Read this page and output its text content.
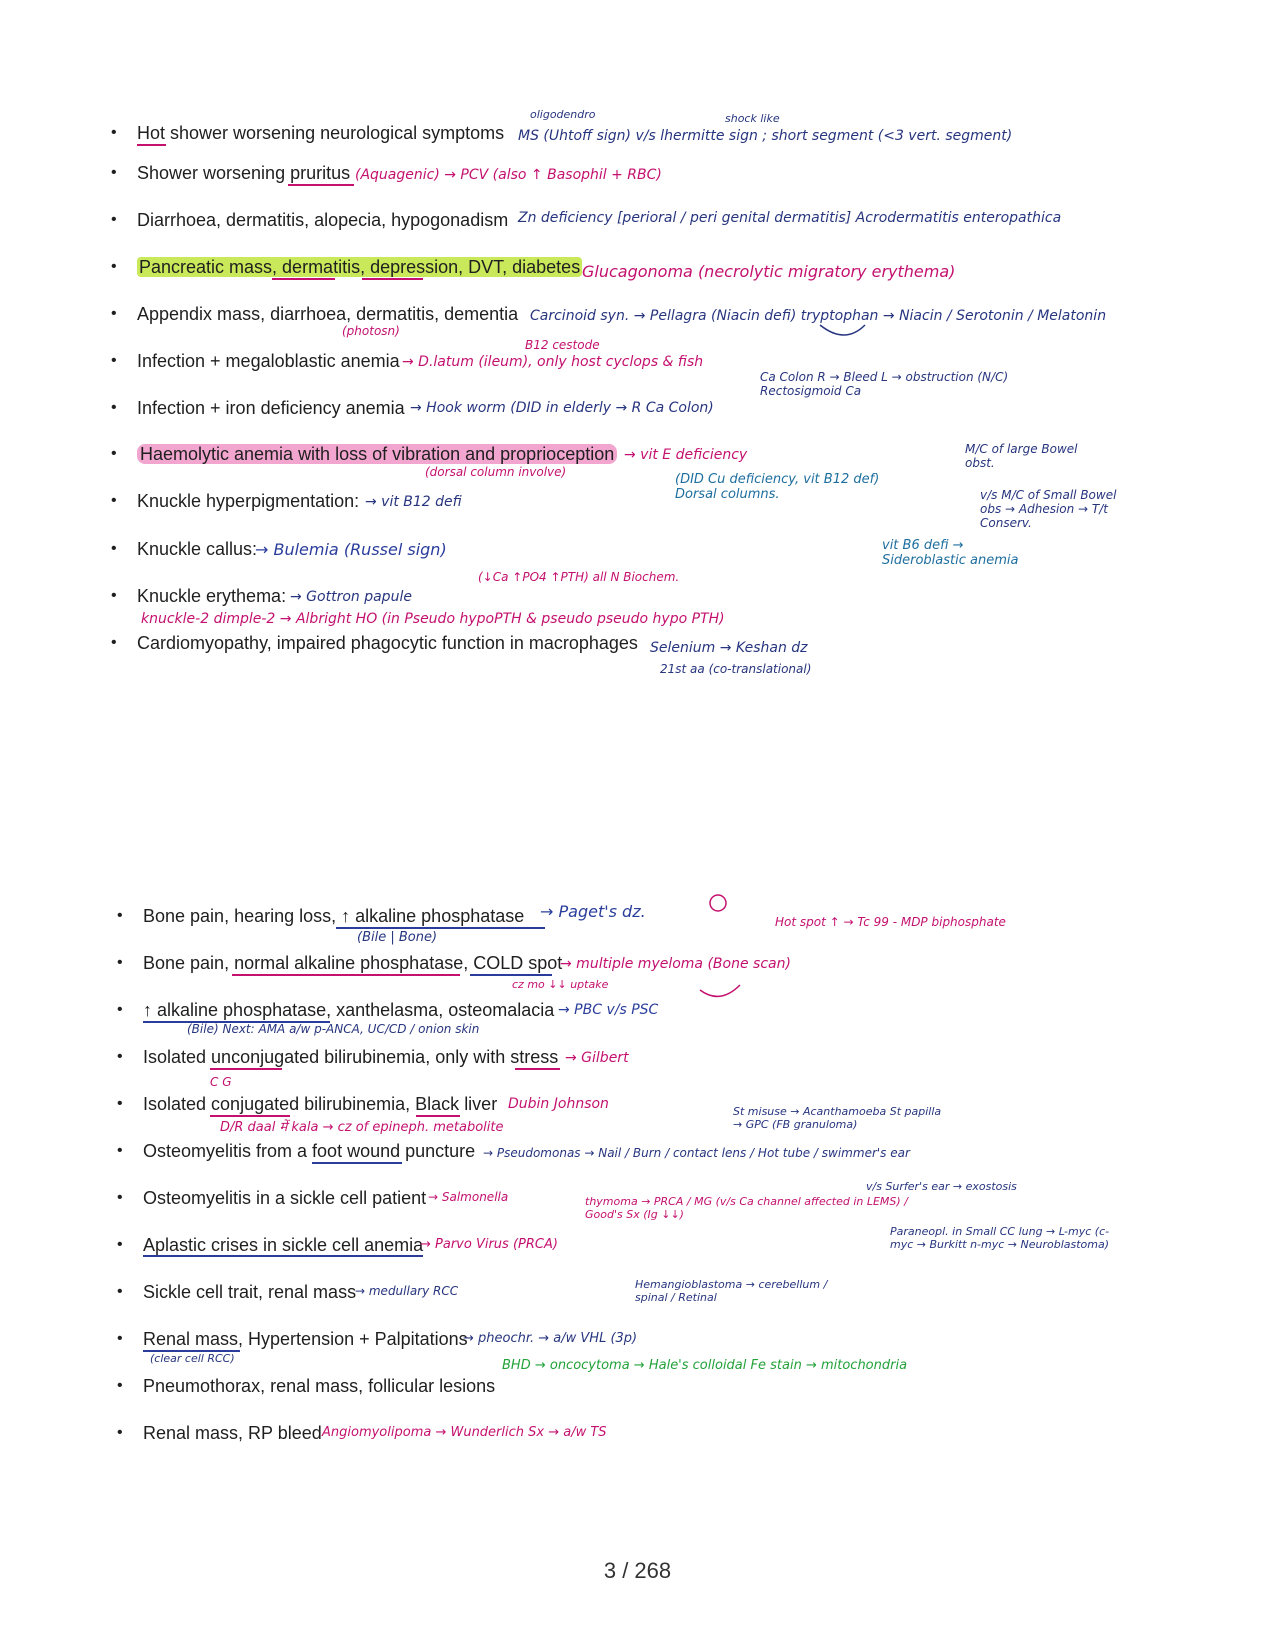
• Hot shower worsening neurological symptoms
• Shower worsening pruritus
• Diarrhoea, dermatitis, alopecia, hypogonadism
• Pancreatic mass, dermatitis, depression, DVT, diabetes
• Appendix mass, diarrhoea, dermatitis, dementia
• Infection + megaloblastic anemia
• Infection + iron deficiency anemia
• Haemolytic anemia with loss of vibration and proprioception
• Knuckle hyperpigmentation:
• Knuckle callus:
• Knuckle erythema:
• Cardiomyopathy, impaired phagocytic function in macrophages
oligodendro	shock like
MS (Uhtoff sign) v/s lhermitte sign ; short segment (<3 vert. segment)
(Aquagenic) → PCV (also ↑ Basophil + RBC)
Zn deficiency [perioral / peri genital dermatitis] Acrodermatitis enteropathica
Glucagonoma (necrolytic migratory erythema)
Carcinoid syn. → Pellagra (Niacin defi) tryptophan → Niacin / Serotonin / Melatonin
(photosn)
B12 cestode
→ D.latum (ileum), only host cyclops & fish
→ Hook worm (DID in elderly → R Ca Colon)
Ca Colon R → Bleed L → obstruction (N/C) Rectosigmoid Ca
M/C of large Bowel obst.
v/s M/C of Small Bowel obs → Adhesion → T/t Conserv.
→ vit E deficiency
(dorsal column involve)	(DID Cu deficiency, vit B12 def) Dorsal columns.
→ vit B12 defi
→ Bulemia (Russel sign)	vit B6 defi → Sideroblastic anemia
→ Gottron papule
(↓Ca ↑PO4 ↑PTH) all N Biochem.
knuckle-2 dimple-2 → Albright HO (in Pseudo hypoPTH & pseudo pseudo hypo PTH)
Selenium → Keshan dz
21st aa (co-translational)
• Bone pain, hearing loss, ↑ alkaline phosphatase
• Bone pain, normal alkaline phosphatase, COLD spot
• ↑ alkaline phosphatase, xanthelasma, osteomalacia
• Isolated unconjugated bilirubinemia, only with stress
• Isolated conjugated bilirubinemia, Black liver
• Osteomyelitis from a foot wound puncture
• Osteomyelitis in a sickle cell patient
• Aplastic crises in sickle cell anemia
• Sickle cell trait, renal mass
• Renal mass, Hypertension + Palpitations
• Pneumothorax, renal mass, follicular lesions
• Renal mass, RP bleed
→ Paget's dz.
(Bile | Bone)
Hot spot ↑ → Tc 99 - MDP biphosphate
→ multiple myeloma (Bone scan)
cz mo ↓↓ uptake
→ PBC v/s PSC
(Bile) Next: AMA a/w p-ANCA, UC/CD / onion skin
→ Gilbert
C G
Dubin Johnson
D/R daal में kala → cz of epineph. metabolite
→ Pseudomonas → Nail / Burn / contact lens / Hot tube / swimmer's ear
St misuse → Acanthamoeba St papilla → GPC (FB granuloma)
→ Salmonella
v/s Surfer's ear → exostosis
→ Parvo Virus (PRCA)
thymoma → PRCA / MG (v/s Ca channel affected in LEMS) / Good's Sx (Ig ↓↓)
Paraneopl. in Small CC lung → L-myc (c-myc → Burkitt n-myc → Neuroblastoma)
→ medullary RCC
→ pheochr. → a/w VHL (3p)
(clear cell RCC)
Hemangioblastoma → cerebellum / spinal / Retinal
BHD → oncocytoma → Hale's colloidal Fe stain → mitochondria
Angiomyolipoma → Wunderlich Sx → a/w TS
3 / 268
